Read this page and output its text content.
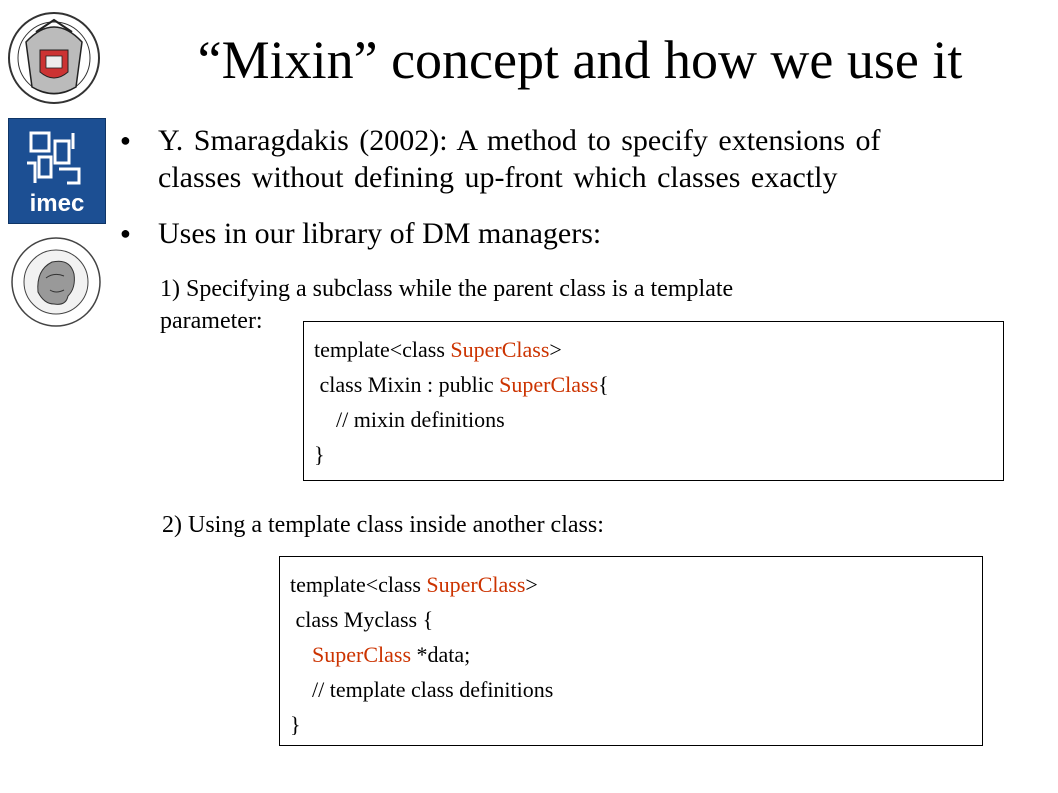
imec
“Mixin” concept and how we use it
● Y. Smaragdakis (2002): A method to specify extensions of
classes without defining up-front which classes exactly
● Uses in our library of DM managers:
1) Specifying a subclass while the parent class is a template
parameter:
template<class SuperClass>
class Mixin : public SuperClass{
// mixin definitions
}
2) Using a template class inside another class:
template<class SuperClass>
class Myclass {
SuperClass *data;
// template class definitions
}
